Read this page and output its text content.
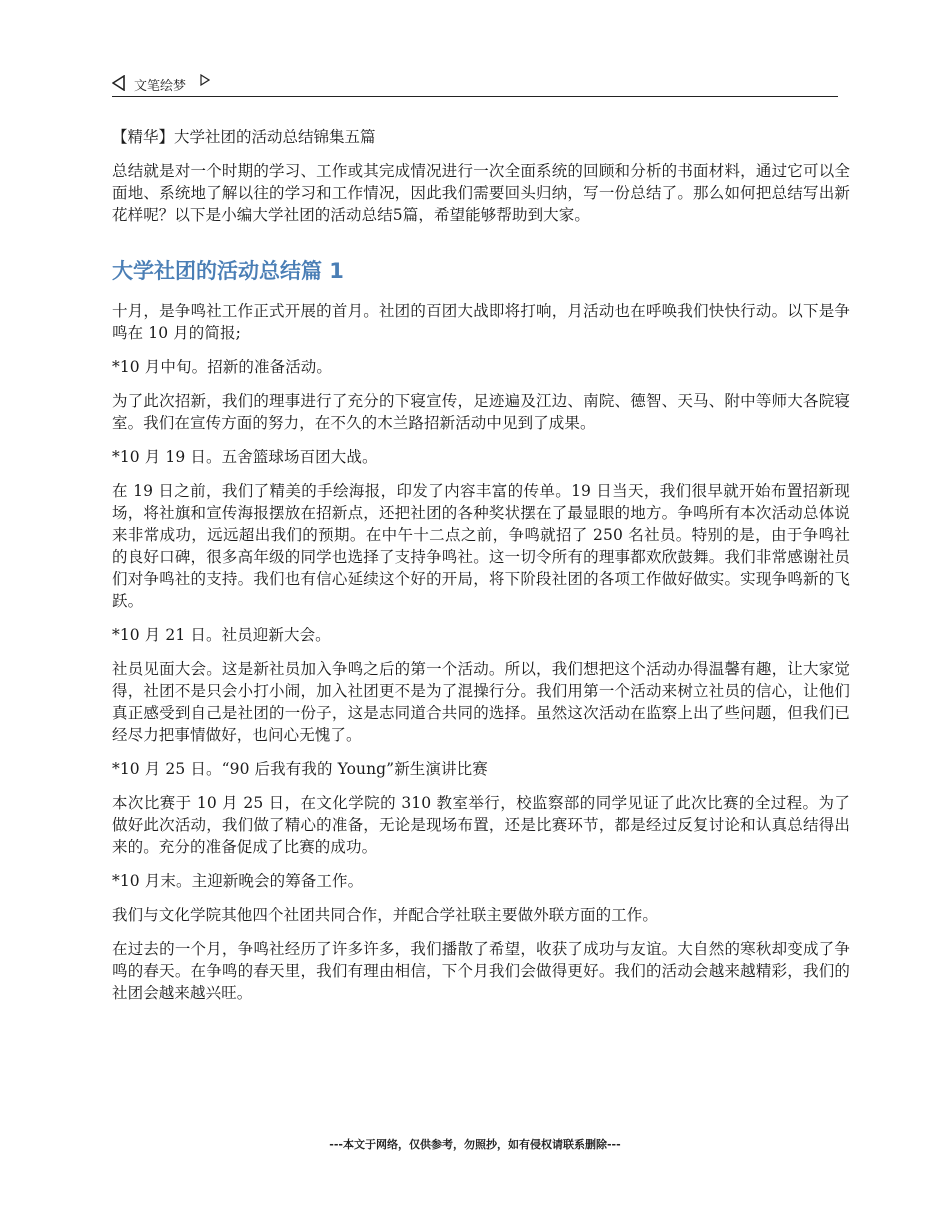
文笔绘梦
【精华】大学社团的活动总结锦集五篇

总结就是对一个时期的学习、工作或其完成情况进行一次全面系统的回顾和分析的书面材料，通过它可以全面地、系统地了解以往的学习和工作情况，因此我们需要回头归纳，写一份总结了。那么如何把总结写出新花样呢？以下是小编大学社团的活动总结5篇，希望能够帮助到大家。

大学社团的活动总结篇 1

十月，是争鸣社工作正式开展的首月。社团的百团大战即将打响，月活动也在呼唤我们快快行动。以下是争鸣在 10 月的简报;

*10 月中旬。招新的准备活动。

为了此次招新，我们的理事进行了充分的下寝宣传，足迹遍及江边、南院、德智、天马、附中等师大各院寝室。我们在宣传方面的努力，在不久的木兰路招新活动中见到了成果。

*10 月 19 日。五舍篮球场百团大战。

在 19 日之前，我们了精美的手绘海报，印发了内容丰富的传单。19 日当天，我们很早就开始布置招新现场，将社旗和宣传海报摆放在招新点，还把社团的各种奖状摆在了最显眼的地方。争鸣所有本次活动总体说来非常成功，远远超出我们的预期。在中午十二点之前，争鸣就招了 250 名社员。特别的是，由于争鸣社的良好口碑，很多高年级的同学也选择了支持争鸣社。这一切令所有的理事都欢欣鼓舞。我们非常感谢社员们对争鸣社的支持。我们也有信心延续这个好的开局，将下阶段社团的各项工作做好做实。实现争鸣新的飞跃。

*10 月 21 日。社员迎新大会。

社员见面大会。这是新社员加入争鸣之后的第一个活动。所以，我们想把这个活动办得温馨有趣，让大家觉得，社团不是只会小打小闹，加入社团更不是为了混操行分。我们用第一个活动来树立社员的信心，让他们真正感受到自己是社团的一份子，这是志同道合共同的选择。虽然这次活动在监察上出了些问题，但我们已经尽力把事情做好，也问心无愧了。

*10 月 25 日。“90 后我有我的 Young”新生演讲比赛

本次比赛于 10 月 25 日，在文化学院的 310 教室举行，校监察部的同学见证了此次比赛的全过程。为了做好此次活动，我们做了精心的准备，无论是现场布置，还是比赛环节，都是经过反复讨论和认真总结得出来的。充分的准备促成了比赛的成功。

*10 月末。主迎新晚会的筹备工作。

我们与文化学院其他四个社团共同合作，并配合学社联主要做外联方面的工作。

在过去的一个月，争鸣社经历了许多许多，我们播散了希望，收获了成功与友谊。大自然的寒秋却变成了争鸣的春天。在争鸣的春天里，我们有理由相信，下个月我们会做得更好。我们的活动会越来越精彩，我们的社团会越来越兴旺。

---本文于网络，仅供参考，勿照抄，如有侵权请联系删除---
